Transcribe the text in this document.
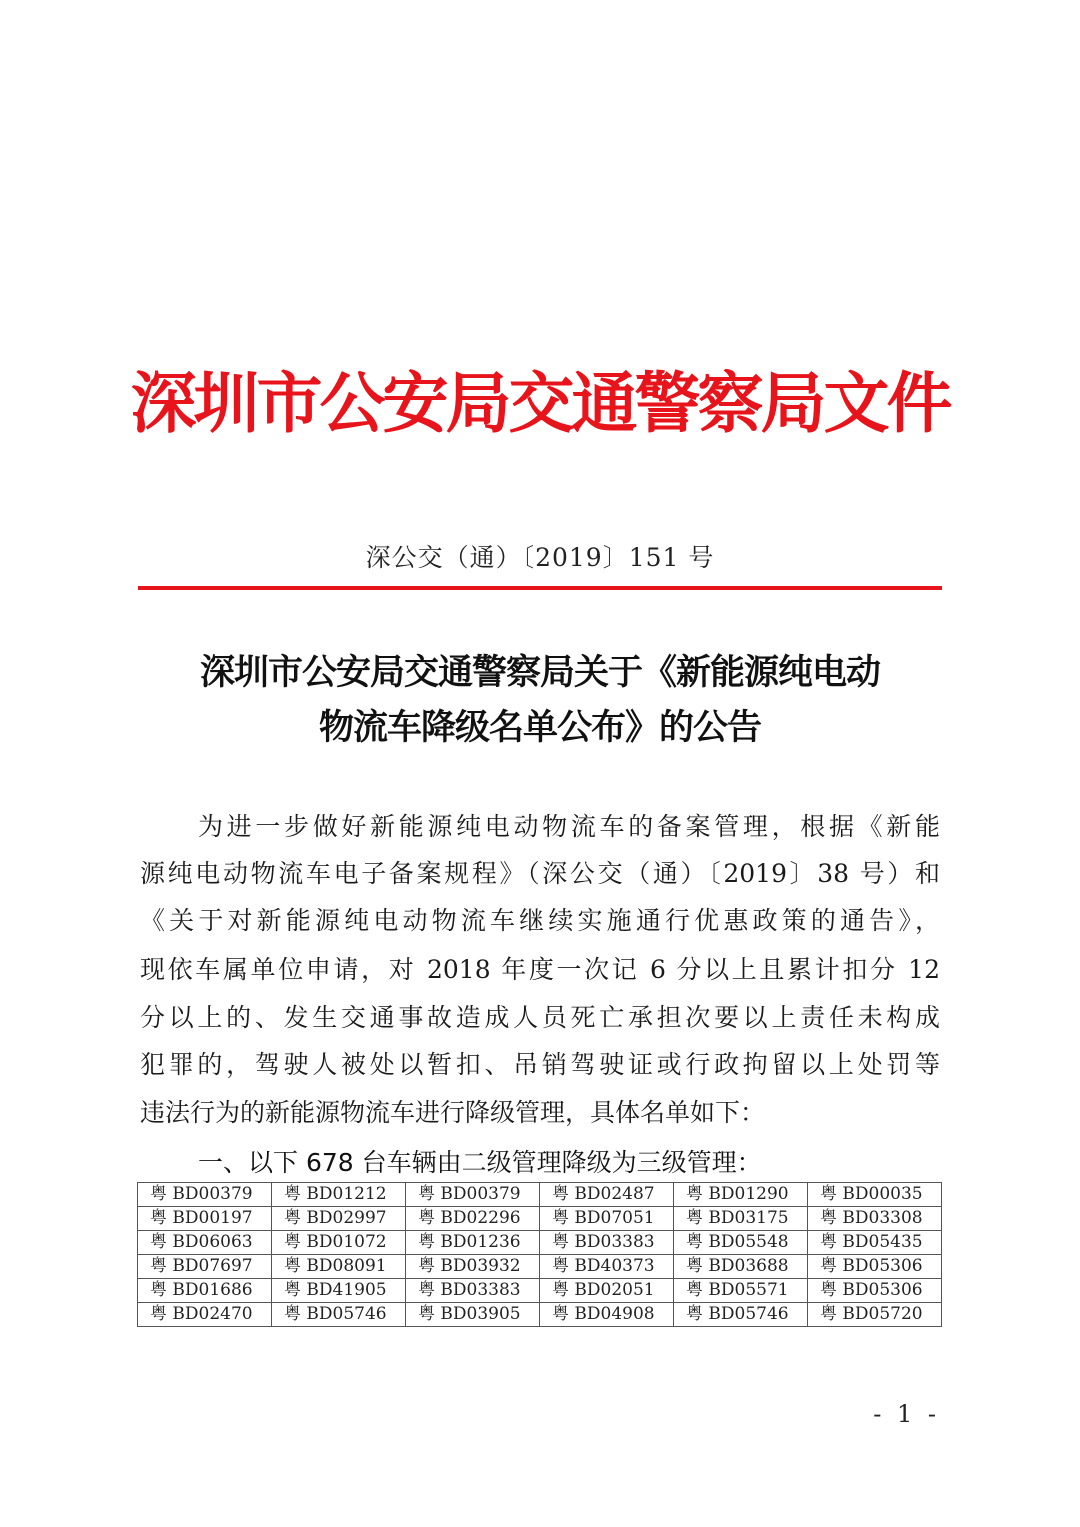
深圳市公安局交通警察局文件
深公交（通）〔2019〕151 号
深圳市公安局交通警察局关于《新能源纯电动
物流车降级名单公布》的公告
为进一步做好新能源纯电动物流车的备案管理，根据《新能
源纯电动物流车电子备案规程》（深公交（通）〔2019〕38 号）和
《关于对新能源纯电动物流车继续实施通行优惠政策的通告》，
现依车属单位申请，对 2018 年度一次记 6 分以上且累计扣分 12
分以上的、发生交通事故造成人员死亡承担次要以上责任未构成
犯罪的，驾驶人被处以暂扣、吊销驾驶证或行政拘留以上处罚等
违法行为的新能源物流车进行降级管理，具体名单如下：
一、以下 678 台车辆由二级管理降级为三级管理：
粤 BD00379	粤 BD01212	粤 BD00379	粤 BD02487	粤 BD01290	粤 BD00035
粤 BD00197	粤 BD02997	粤 BD02296	粤 BD07051	粤 BD03175	粤 BD03308
粤 BD06063	粤 BD01072	粤 BD01236	粤 BD03383	粤 BD05548	粤 BD05435
粤 BD07697	粤 BD08091	粤 BD03932	粤 BD40373	粤 BD03688	粤 BD05306
粤 BD01686	粤 BD41905	粤 BD03383	粤 BD02051	粤 BD05571	粤 BD05306
粤 BD02470	粤 BD05746	粤 BD03905	粤 BD04908	粤 BD05746	粤 BD05720
- 1 -
